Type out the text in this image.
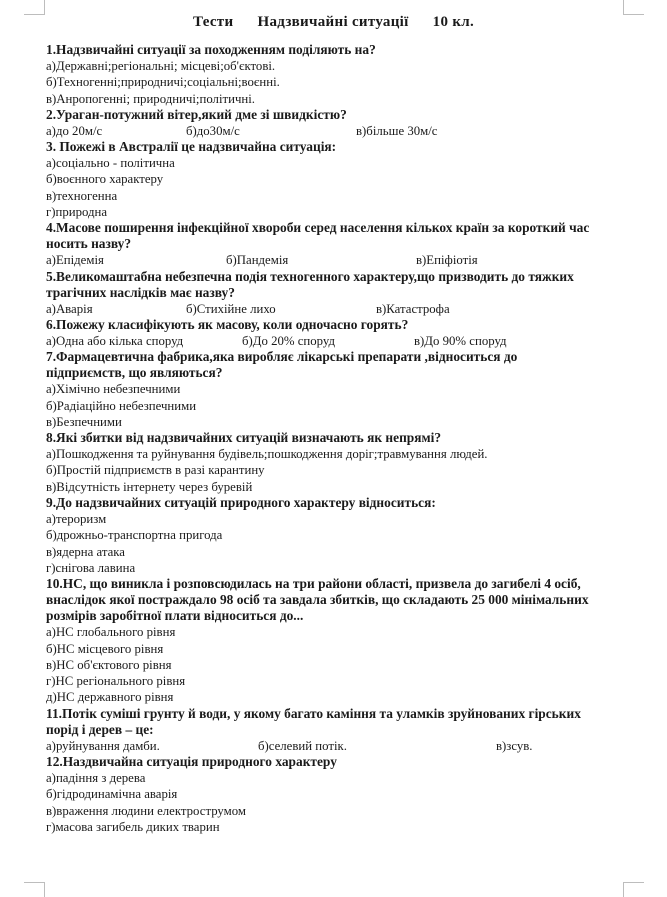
Тести Надзвичайні ситуації 10 кл.
1.Надзвичайні ситуації за походженням поділяють на?
а)Державні;регіональні; місцеві;об'єктові.
б)Техногенні;природничі;соціальні;воєнні.
в)Анропогенні; природничі;політичні.
2.Ураган-потужний вітер,який дме зі швидкістю?
а)до 20м/с	б)до30м/с	в)більше 30м/с
3. Пожежі в Австралії це надзвичайна ситуація:
а)соціально - політична
б)воєнного характеру
в)техногенна
г)природна
4.Масове поширення інфекційної хвороби серед населення кількох країн за короткий час
носить назву?
а)Епідемія	б)Пандемія	в)Епіфіотія
5.Великомаштабна небезпечна подія техногенного характеру,що призводить до тяжких
трагічних наслідків має назву?
а)Аварія	б)Стихійне лихо	в)Катастрофа
6.Пожежу класифікують як масову, коли одночасно горять?
а)Одна або кілька споруд	б)До 20% споруд	в)До 90% споруд
7.Фармацевтична фабрика,яка виробляє лікарські препарати ,відноситься до
підприємств, що являються?
а)Хімічно небезпечними
б)Радіаційно небезпечними
в)Безпечними
8.Які збитки від надзвичайних ситуацій визначають як непрямі?
а)Пошкодження та руйнування будівель;пошкодження доріг;травмування людей.
б)Простій підприємств в разі карантину
в)Відсутність інтернету через буревій
9.До надзвичайних ситуацій природного характеру відноситься:
а)тероризм
б)дрожньо-транспортна пригода
в)ядерна атака
г)снігова лавина
10.НС, що виникла і розповсюдилась на три райони області, призвела до загибелі 4 осіб,
внаслідок якої постраждало 98 осіб та завдала збитків, що складають 25 000 мінімальних
розмірів заробітної плати відноситься до...
а)НС глобального рівня
б)НС місцевого рівня
в)НС об'єктового рівня
г)НС регіонального рівня
д)НС державного рівня
11.Потік суміші грунту й води, у якому багато каміння та уламків зруйнованих гірських
порід і дерев – це:
а)руйнування дамби.	б)селевий потік.	в)зсув.
12.Наздвичайна ситуація природного характеру
а)падіння з дерева
б)гідродинамічна аварія
в)враження людини електрострумом
г)масова загибель диких тварин
